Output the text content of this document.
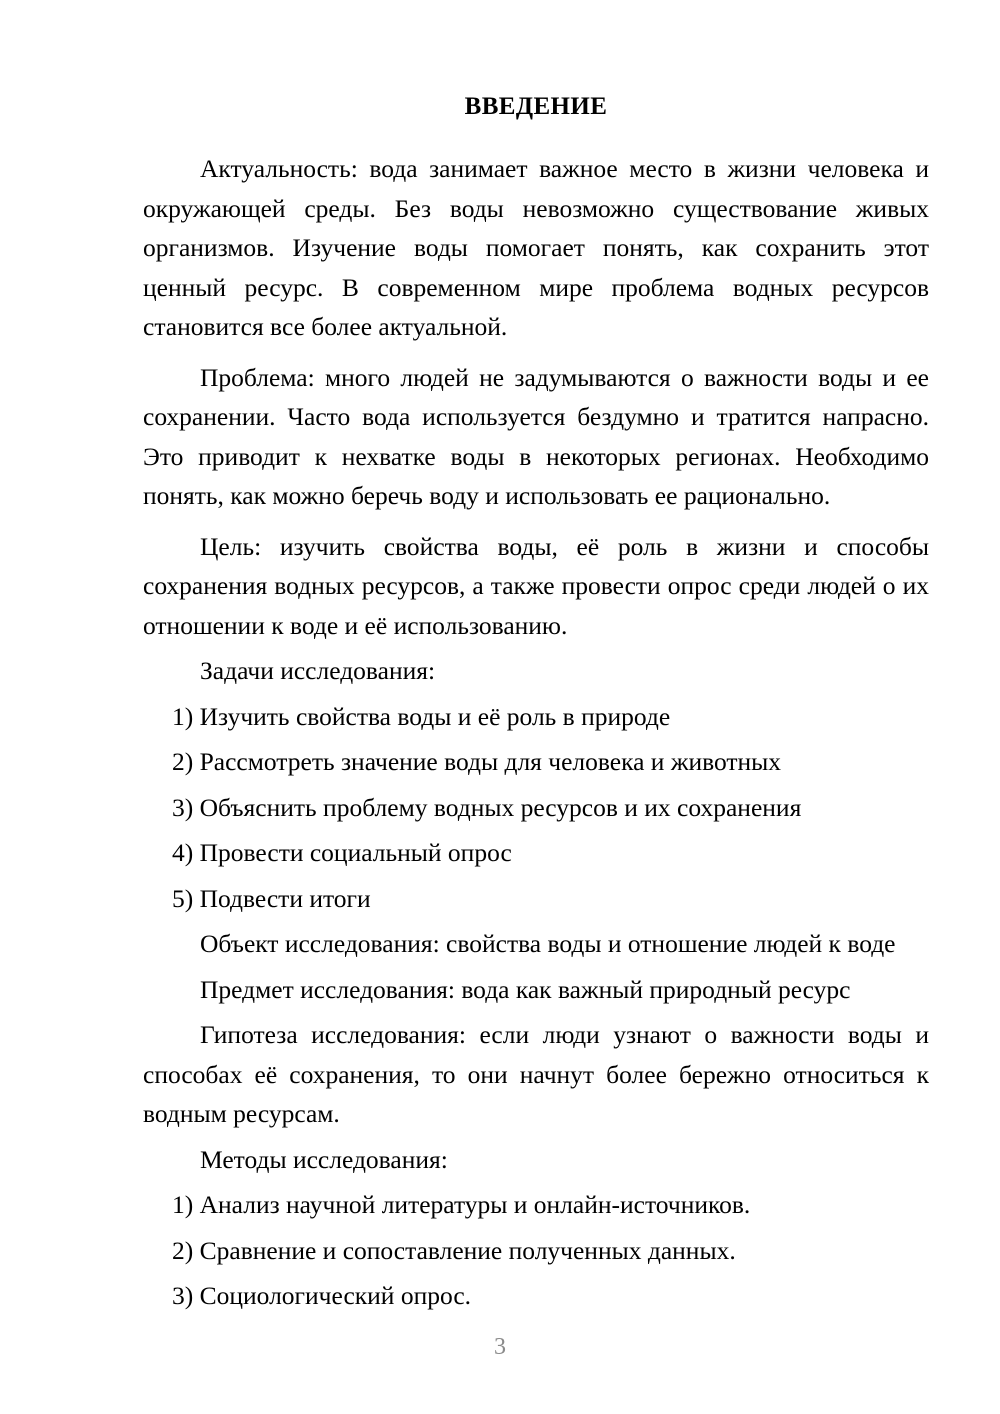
ВВЕДЕНИЕ

Актуальность: вода занимает важное место в жизни человека и окружающей среды. Без воды невозможно существование живых организмов. Изучение воды помогает понять, как сохранить этот ценный ресурс. В современном мире проблема водных ресурсов становится все более актуальной.

Проблема: много людей не задумываются о важности воды и ее сохранении. Часто вода используется бездумно и тратится напрасно. Это приводит к нехватке воды в некоторых регионах. Необходимо понять, как можно беречь воду и использовать ее рационально.

Цель: изучить свойства воды, её роль в жизни и способы сохранения водных ресурсов, а также провести опрос среди людей о их отношении к воде и её использованию.

Задачи исследования:

1) Изучить свойства воды и её роль в природе
2) Рассмотреть значение воды для человека и животных
3) Объяснить проблему водных ресурсов и их сохранения
4) Провести социальный опрос
5) Подвести итоги

Объект исследования: свойства воды и отношение людей к воде

Предмет исследования: вода как важный природный ресурс

Гипотеза исследования: если люди узнают о важности воды и способах её сохранения, то они начнут более бережно относиться к водным ресурсам.

Методы исследования:

1) Анализ научной литературы и онлайн-источников.
2) Сравнение и сопоставление полученных данных.
3) Социологический опрос.
3
